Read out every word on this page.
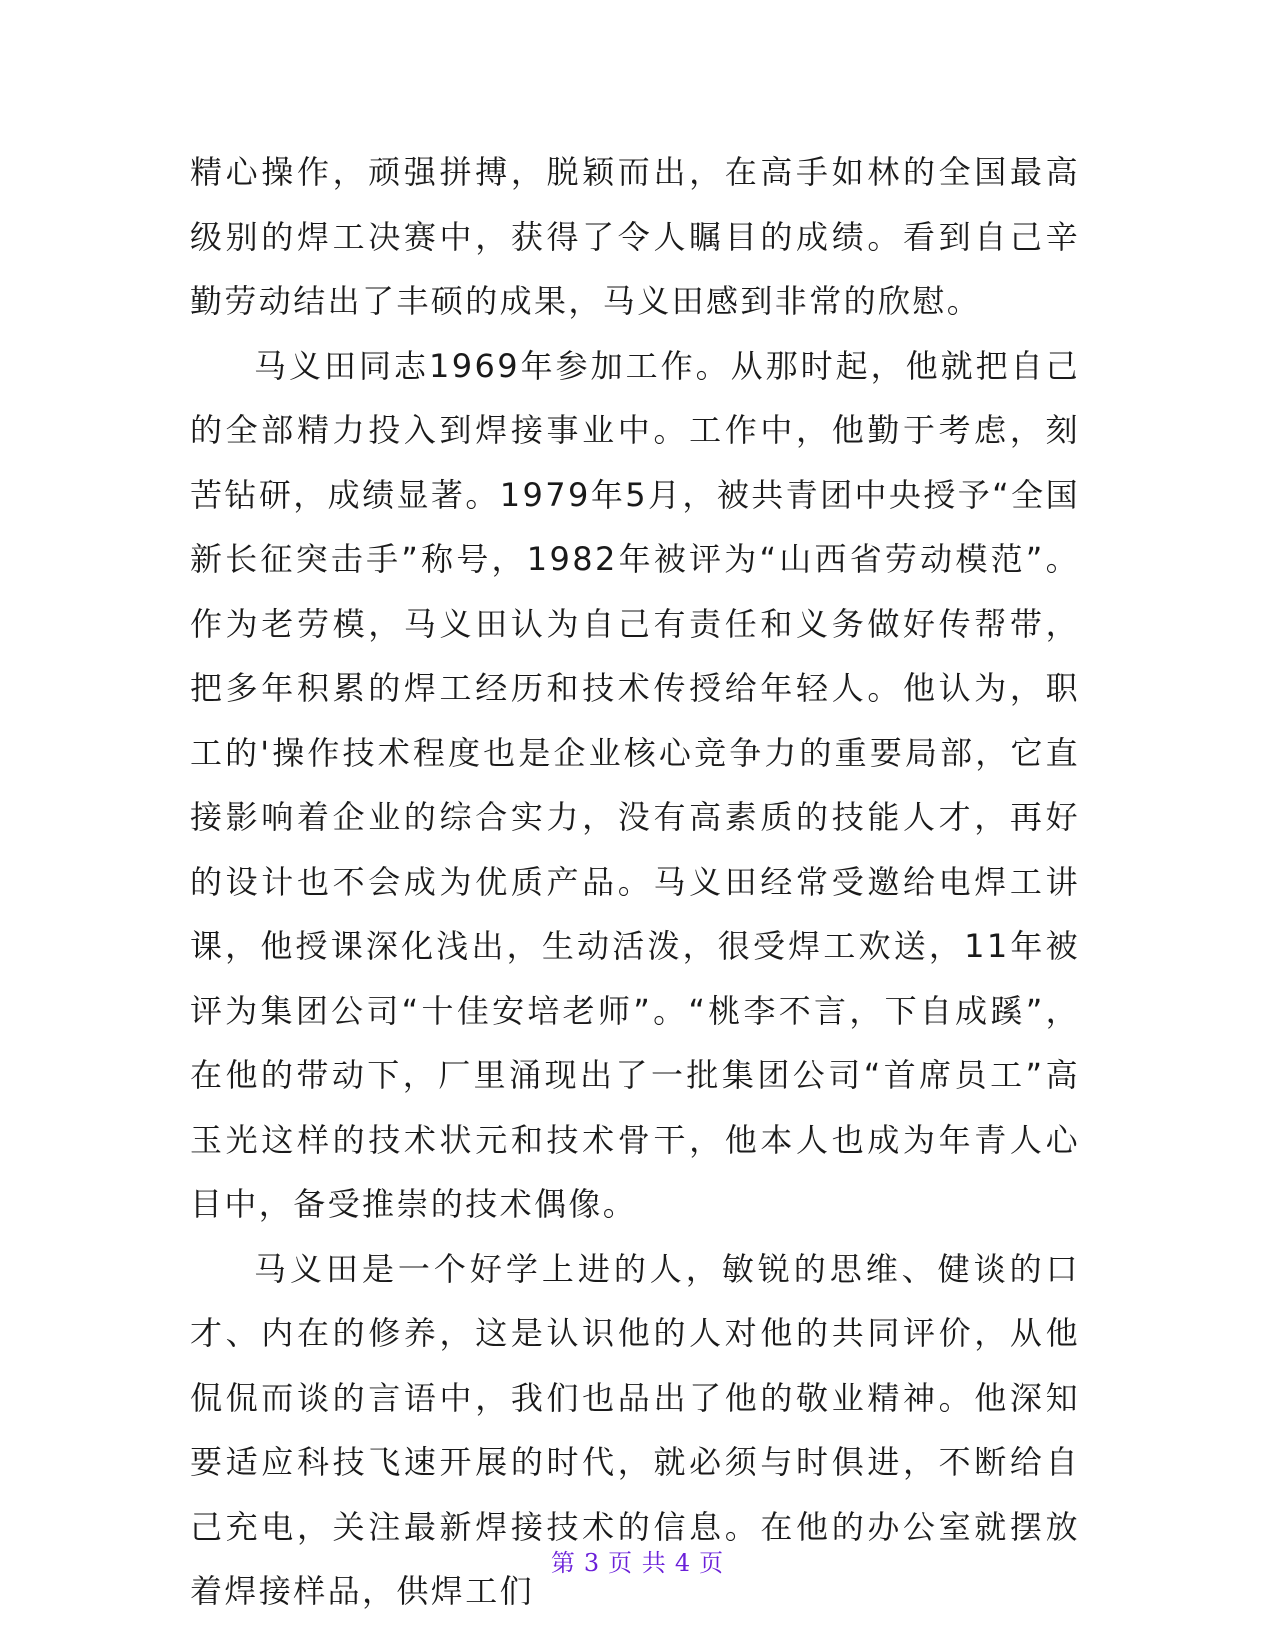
精心操作，顽强拼搏，脱颖而出，在高手如林的全国最高级别的焊工决赛中，获得了令人瞩目的成绩。看到自己辛勤劳动结出了丰硕的成果，马义田感到非常的欣慰。

马义田同志1969年参加工作。从那时起，他就把自己的全部精力投入到焊接事业中。工作中，他勤于考虑，刻苦钻研，成绩显著。1979年5月，被共青团中央授予“全国新长征突击手”称号，1982年被评为“山西省劳动模范”。作为老劳模，马义田认为自己有责任和义务做好传帮带，把多年积累的焊工经历和技术传授给年轻人。他认为，职工的'操作技术程度也是企业核心竞争力的重要局部，它直接影响着企业的综合实力，没有高素质的技能人才，再好的设计也不会成为优质产品。马义田经常受邀给电焊工讲课，他授课深化浅出，生动活泼，很受焊工欢送，11年被评为集团公司“十佳安培老师”。“桃李不言，下自成蹊”，在他的带动下，厂里涌现出了一批集团公司“首席员工”高玉光这样的技术状元和技术骨干，他本人也成为年青人心目中，备受推崇的技术偶像。

马义田是一个好学上进的人，敏锐的思维、健谈的口才、内在的修养，这是认识他的人对他的共同评价，从他侃侃而谈的言语中，我们也品出了他的敬业精神。他深知要适应科技飞速开展的时代，就必须与时俱进，不断给自己充电，关注最新焊接技术的信息。在他的办公室就摆放着焊接样品，供焊工们

第 3 页 共 4 页
